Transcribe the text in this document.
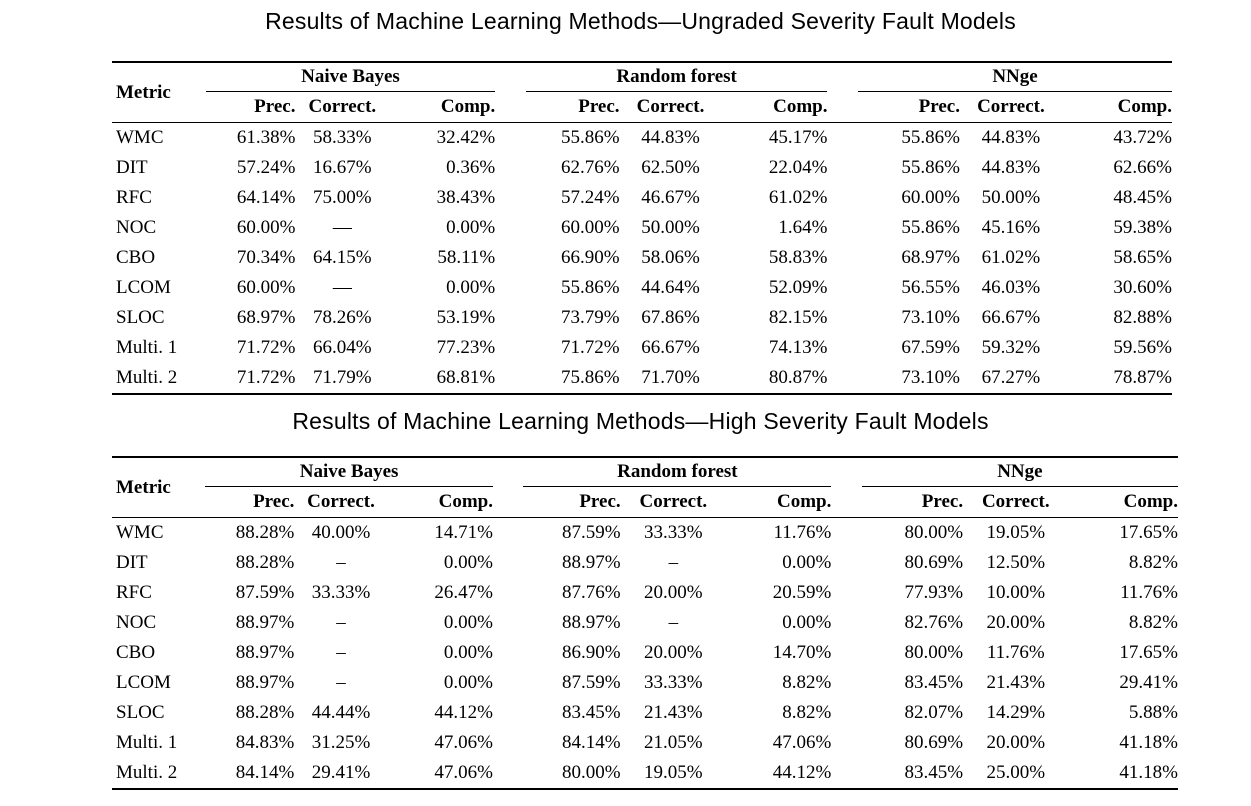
Results of Machine Learning Methods—Ungraded Severity Fault Models
Metric	Naive Bayes				Random forest				NNge		
	Prec.	Correct.	Comp.		Prec.	Correct.	Comp.		Prec.	Correct.	Comp.
WMC	61.38%	58.33%	32.42%		55.86%	44.83%	45.17%		55.86%	44.83%	43.72%
DIT	57.24%	16.67%	0.36%		62.76%	62.50%	22.04%		55.86%	44.83%	62.66%
RFC	64.14%	75.00%	38.43%		57.24%	46.67%	61.02%		60.00%	50.00%	48.45%
NOC	60.00%	—	0.00%		60.00%	50.00%	1.64%		55.86%	45.16%	59.38%
CBO	70.34%	64.15%	58.11%		66.90%	58.06%	58.83%		68.97%	61.02%	58.65%
LCOM	60.00%	—	0.00%		55.86%	44.64%	52.09%		56.55%	46.03%	30.60%
SLOC	68.97%	78.26%	53.19%		73.79%	67.86%	82.15%		73.10%	66.67%	82.88%
Multi. 1	71.72%	66.04%	77.23%		71.72%	66.67%	74.13%		67.59%	59.32%	59.56%
Multi. 2	71.72%	71.79%	68.81%		75.86%	71.70%	80.87%		73.10%	67.27%	78.87%
Results of Machine Learning Methods—High Severity Fault Models
Metric	Naive Bayes				Random forest				NNge		
	Prec.	Correct.	Comp.		Prec.	Correct.	Comp.		Prec.	Correct.	Comp.
WMC	88.28%	40.00%	14.71%		87.59%	33.33%	11.76%		80.00%	19.05%	17.65%
DIT	88.28%	–	0.00%		88.97%	–	0.00%		80.69%	12.50%	8.82%
RFC	87.59%	33.33%	26.47%		87.76%	20.00%	20.59%		77.93%	10.00%	11.76%
NOC	88.97%	–	0.00%		88.97%	–	0.00%		82.76%	20.00%	8.82%
CBO	88.97%	–	0.00%		86.90%	20.00%	14.70%		80.00%	11.76%	17.65%
LCOM	88.97%	–	0.00%		87.59%	33.33%	8.82%		83.45%	21.43%	29.41%
SLOC	88.28%	44.44%	44.12%		83.45%	21.43%	8.82%		82.07%	14.29%	5.88%
Multi. 1	84.83%	31.25%	47.06%		84.14%	21.05%	47.06%		80.69%	20.00%	41.18%
Multi. 2	84.14%	29.41%	47.06%		80.00%	19.05%	44.12%		83.45%	25.00%	41.18%
